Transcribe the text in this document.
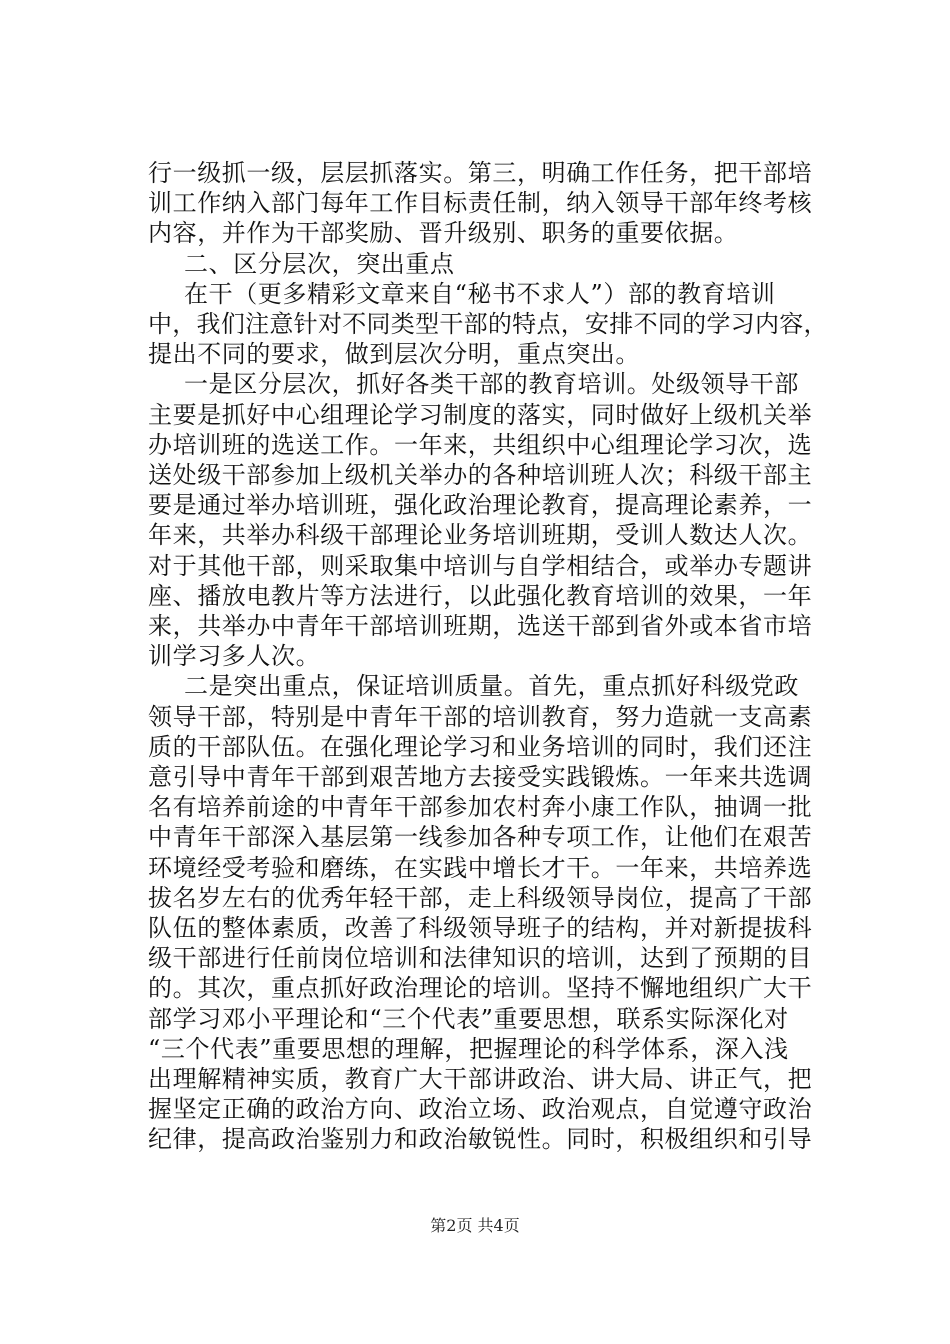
行一级抓一级，层层抓落实。第三，明确工作任务，把干部培
训工作纳入部门每年工作目标责任制，纳入领导干部年终考核
内容，并作为干部奖励、晋升级别、职务的重要依据。
二、区分层次，突出重点
在干（更多精彩文章来自“秘书不求人”）部的教育培训
中，我们注意针对不同类型干部的特点，安排不同的学习内容，
提出不同的要求，做到层次分明，重点突出。
一是区分层次，抓好各类干部的教育培训。处级领导干部
主要是抓好中心组理论学习制度的落实，同时做好上级机关举
办培训班的选送工作。一年来，共组织中心组理论学习次，选
送处级干部参加上级机关举办的各种培训班人次；科级干部主
要是通过举办培训班，强化政治理论教育，提高理论素养，一
年来，共举办科级干部理论业务培训班期，受训人数达人次。
对于其他干部，则采取集中培训与自学相结合，或举办专题讲
座、播放电教片等方法进行，以此强化教育培训的效果，一年
来，共举办中青年干部培训班期，选送干部到省外或本省市培
训学习多人次。
二是突出重点，保证培训质量。首先，重点抓好科级党政
领导干部，特别是中青年干部的培训教育，努力造就一支高素
质的干部队伍。在强化理论学习和业务培训的同时，我们还注
意引导中青年干部到艰苦地方去接受实践锻炼。一年来共选调
名有培养前途的中青年干部参加农村奔小康工作队，抽调一批
中青年干部深入基层第一线参加各种专项工作，让他们在艰苦
环境经受考验和磨练，在实践中增长才干。一年来，共培养选
拔名岁左右的优秀年轻干部，走上科级领导岗位，提高了干部
队伍的整体素质，改善了科级领导班子的结构，并对新提拔科
级干部进行任前岗位培训和法律知识的培训，达到了预期的目
的。其次，重点抓好政治理论的培训。坚持不懈地组织广大干
部学习邓小平理论和“三个代表”重要思想，联系实际深化对
“三个代表”重要思想的理解，把握理论的科学体系，深入浅
出理解精神实质，教育广大干部讲政治、讲大局、讲正气，把
握坚定正确的政治方向、政治立场、政治观点，自觉遵守政治
纪律，提高政治鉴别力和政治敏锐性。同时，积极组织和引导
第2页 共4页
